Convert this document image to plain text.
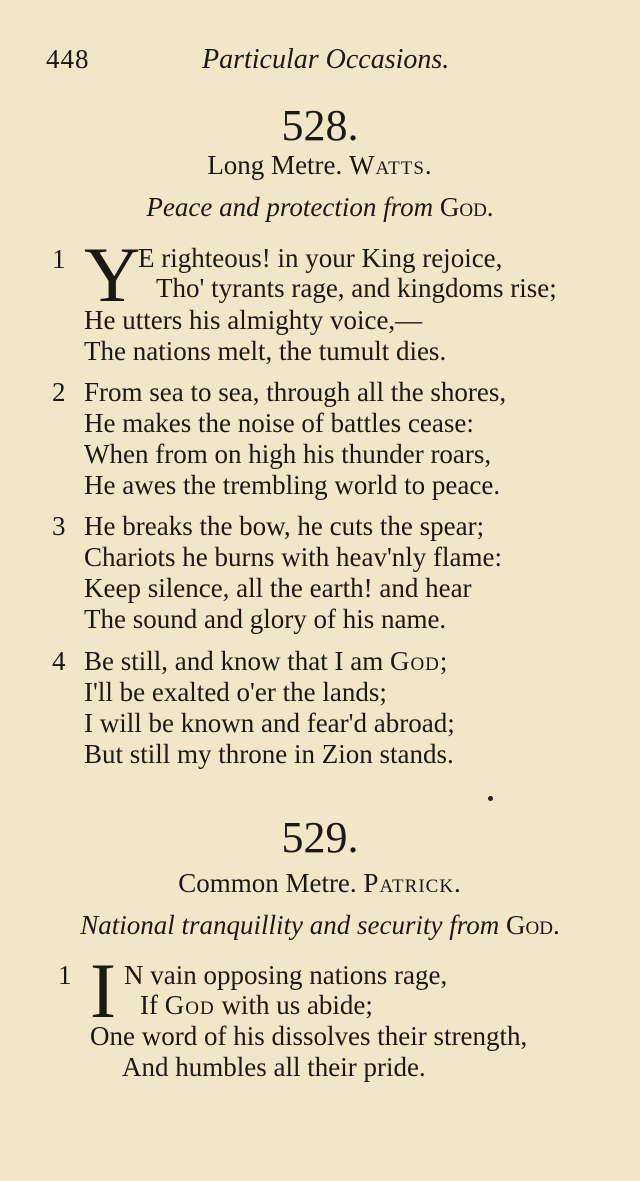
448	Particular Occasions.
528.
Long Metre. Watts.
Peace and protection from God.
1 Y
E righteous! in your King rejoice,
Tho' tyrants rage, and kingdoms rise;
He utters his almighty voice,—
The nations melt, the tumult dies.
2 From sea to sea, through all the shores,
He makes the noise of battles cease:
When from on high his thunder roars,
He awes the trembling world to peace.
3 He breaks the bow, he cuts the spear;
Chariots he burns with heav'nly flame:
Keep silence, all the earth! and hear
The sound and glory of his name.
4 Be still, and know that I am God;
I'll be exalted o'er the lands;
I will be known and fear'd abroad;
But still my throne in Zion stands.
529.
Common Metre. Patrick.
National tranquillity and security from God.
1 I N vain opposing nations rage,
If God with us abide;
One word of his dissolves their strength,
And humbles all their pride.
